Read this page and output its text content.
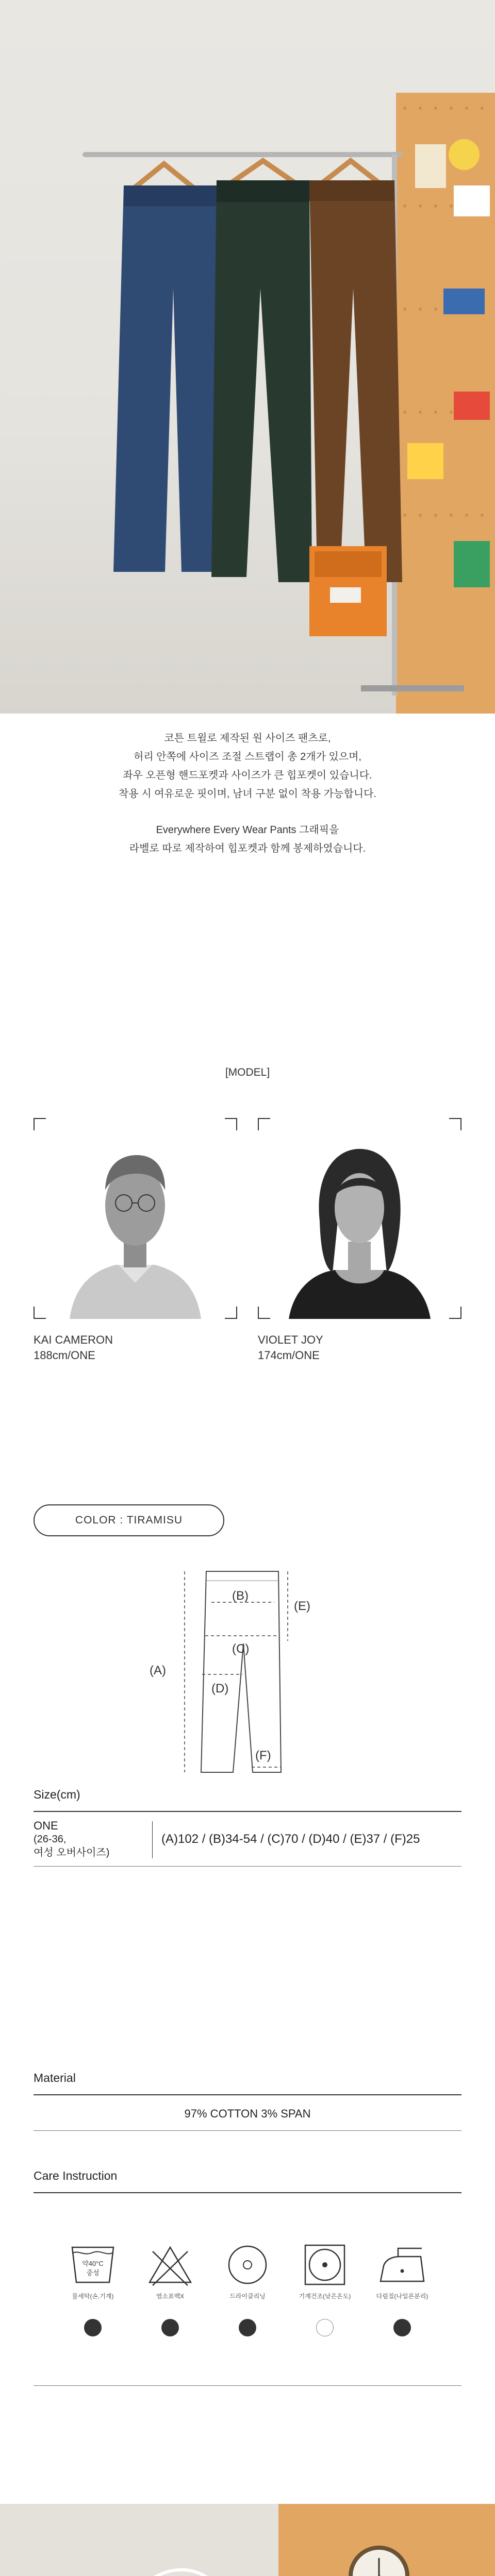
코튼 트윌로 제작된 원 사이즈 팬츠로,

허리 안쪽에 사이즈 조절 스트랩이 총 2개가 있으며,

좌우 오픈형 핸드포켓과 사이즈가 큰 힙포켓이 있습니다.

착용 시 여유로운 핏이며, 남녀 구분 없이 착용 가능합니다.

Everywhere Every Wear Pants 그래픽을

라벨로 따로 제작하여 힙포켓과 함께 봉제하였습니다.

[MODEL]
KAI CAMERON
188cm/ONE
VIOLET JOY
174cm/ONE
COLOR : TIRAMISU
(A)
(B)
(C)
(D)
(E)
(F)
Size(cm)
ONE
(26-36,
여성 오버사이즈)
(A)102 / (B)34-54 / (C)70 / (D)40 / (E)37 / (F)25
Material
97% COTTON 3% SPAN
Care Instruction
약40°C
중성
물세탁(손,기계)	염소표백X	드라이클리닝	기계건조(낮은온도)	다림질(나일론분리)
